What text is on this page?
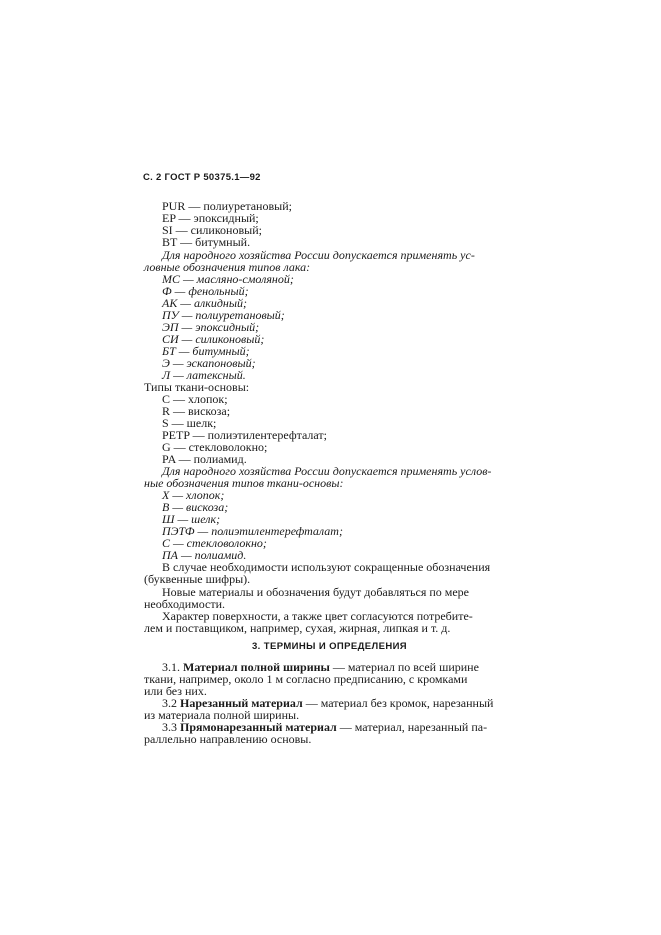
С. 2 ГОСТ Р 50375.1—92
PUR — полиуретановый;
EP — эпоксидный;
SI — силиконовый;
BT — битумный.
Для народного хозяйства России допускается применять ус-
ловные обозначения типов лака:
МС — масляно-смоляной;
Ф — фенольный;
АК — алкидный;
ПУ — полиуретановый;
ЭП — эпоксидный;
СИ — силиконовый;
БТ — битумный;
Э — эскапоновый;
Л — латексный.
Типы ткани-основы:
C — хлопок;
R — вискоза;
S — шелк;
PETP — полиэтилентерефталат;
G — стекловолокно;
PA — полиамид.
Для народного хозяйства России допускается применять услов-
ные обозначения типов ткани-основы:
Х — хлопок;
В — вискоза;
Ш — шелк;
ПЭТФ — полиэтилентерефталат;
С — стекловолокно;
ПА — полиамид.
В случае необходимости используют сокращенные обозначения
(буквенные шифры).
Новые материалы и обозначения будут добавляться по мере
необходимости.
Характер поверхности, а также цвет согласуются потребите-
лем и поставщиком, например, сухая, жирная, липкая и т. д.
3. ТЕРМИНЫ И ОПРЕДЕЛЕНИЯ
3.1. Материал полной ширины — материал по всей ширине
ткани, например, около 1 м согласно предписанию, с кромками
или без них.
3.2 Нарезанный материал — материал без кромок, нарезанный
из материала полной ширины.
3.3 Прямонарезанный материал — материал, нарезанный па-
раллельно направлению основы.
